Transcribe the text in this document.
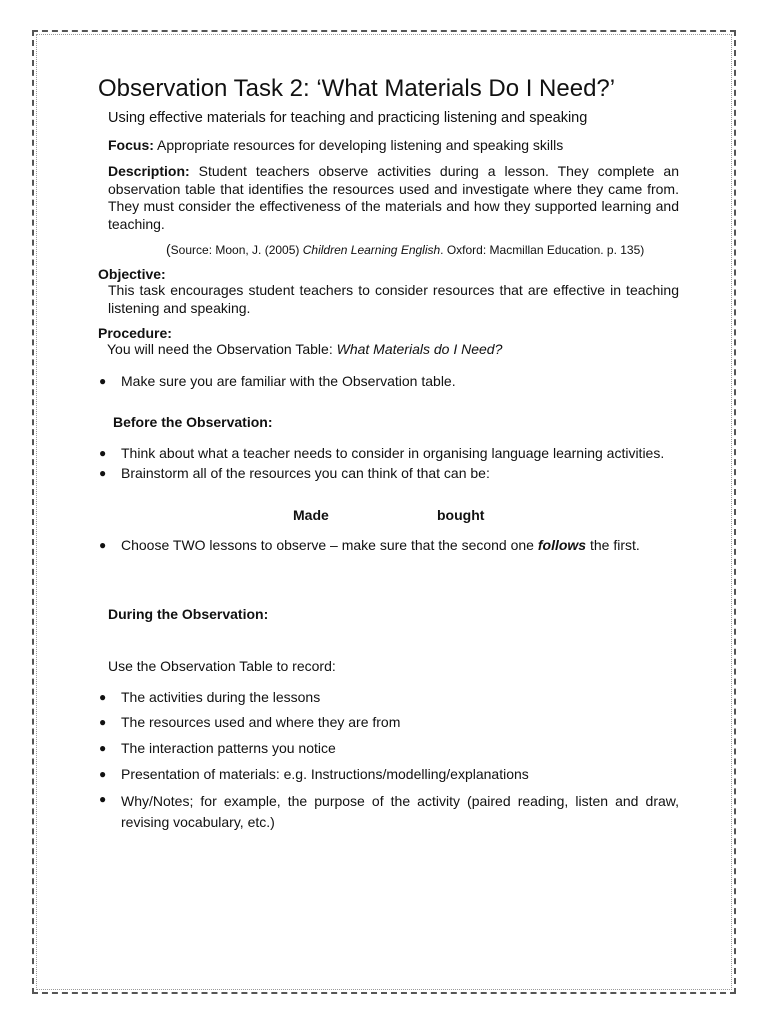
Observation Task 2: ‘What Materials Do I Need?’
Using effective materials for teaching and practicing listening and speaking
Focus: Appropriate resources for developing listening and speaking skills
Description: Student teachers observe activities during a lesson. They complete an observation table that identifies the resources used and investigate where they came from. They must consider the effectiveness of the materials and how they supported learning and teaching.
(Source: Moon, J. (2005) Children Learning English. Oxford: Macmillan Education. p. 135)
Objective:
This task encourages student teachers to consider resources that are effective in teaching listening and speaking.
Procedure:
You will need the Observation Table: What Materials do I Need?
● Make sure you are familiar with the Observation table.
Before the Observation:
● Think about what a teacher needs to consider in organising language learning activities.
● Brainstorm all of the resources you can think of that can be:
Made	bought
● Choose TWO lessons to observe – make sure that the second one follows the first.
During the Observation:
Use the Observation Table to record:
● The activities during the lessons
● The resources used and where they are from
● The interaction patterns you notice
● Presentation of materials: e.g. Instructions/modelling/explanations
● Why/Notes; for example, the purpose of the activity (paired reading, listen and draw, revising vocabulary, etc.)
